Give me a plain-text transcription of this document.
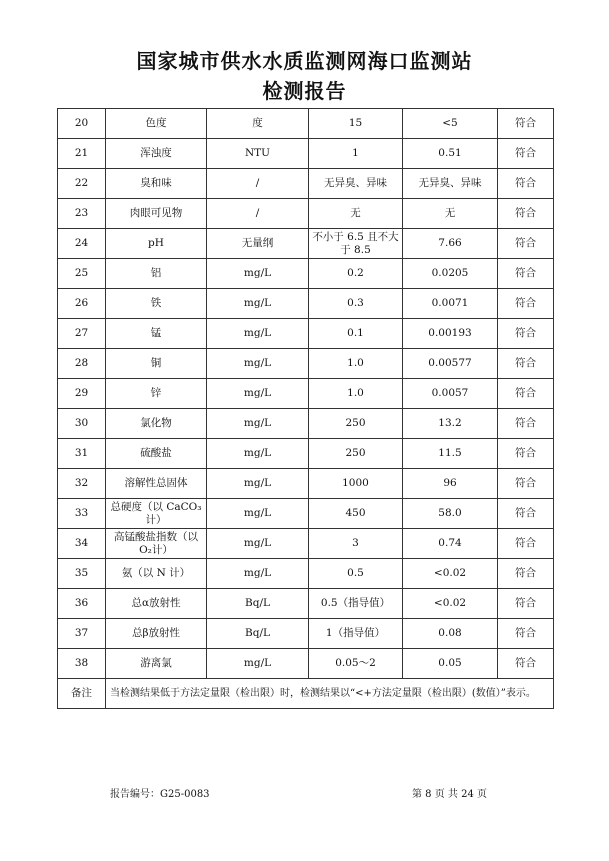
国家城市供水水质监测网海口监测站
检测报告
20	色度	度	15	<5	符合
21	浑浊度	NTU	1	0.51	符合
22	臭和味	/	无异臭、异味	无异臭、异味	符合
23	肉眼可见物	/	无	无	符合
24	pH	无量纲	不小于 6.5 且不大于 8.5	7.66	符合
25	铝	mg/L	0.2	0.0205	符合
26	铁	mg/L	0.3	0.0071	符合
27	锰	mg/L	0.1	0.00193	符合
28	铜	mg/L	1.0	0.00577	符合
29	锌	mg/L	1.0	0.0057	符合
30	氯化物	mg/L	250	13.2	符合
31	硫酸盐	mg/L	250	11.5	符合
32	溶解性总固体	mg/L	1000	96	符合
33	总硬度（以 CaCO₃计）	mg/L	450	58.0	符合
34	高锰酸盐指数（以 O₂计）	mg/L	3	0.74	符合
35	氨（以 N 计）	mg/L	0.5	<0.02	符合
36	总α放射性	Bq/L	0.5（指导值）	<0.02	符合
37	总β放射性	Bq/L	1（指导值）	0.08	符合
38	游离氯	mg/L	0.05～2	0.05	符合
备注	当检测结果低于方法定量限（检出限）时，检测结果以“<+方法定量限（检出限）(数值）”表示。				
报告编号：G25-0083	第 8 页 共 24 页
